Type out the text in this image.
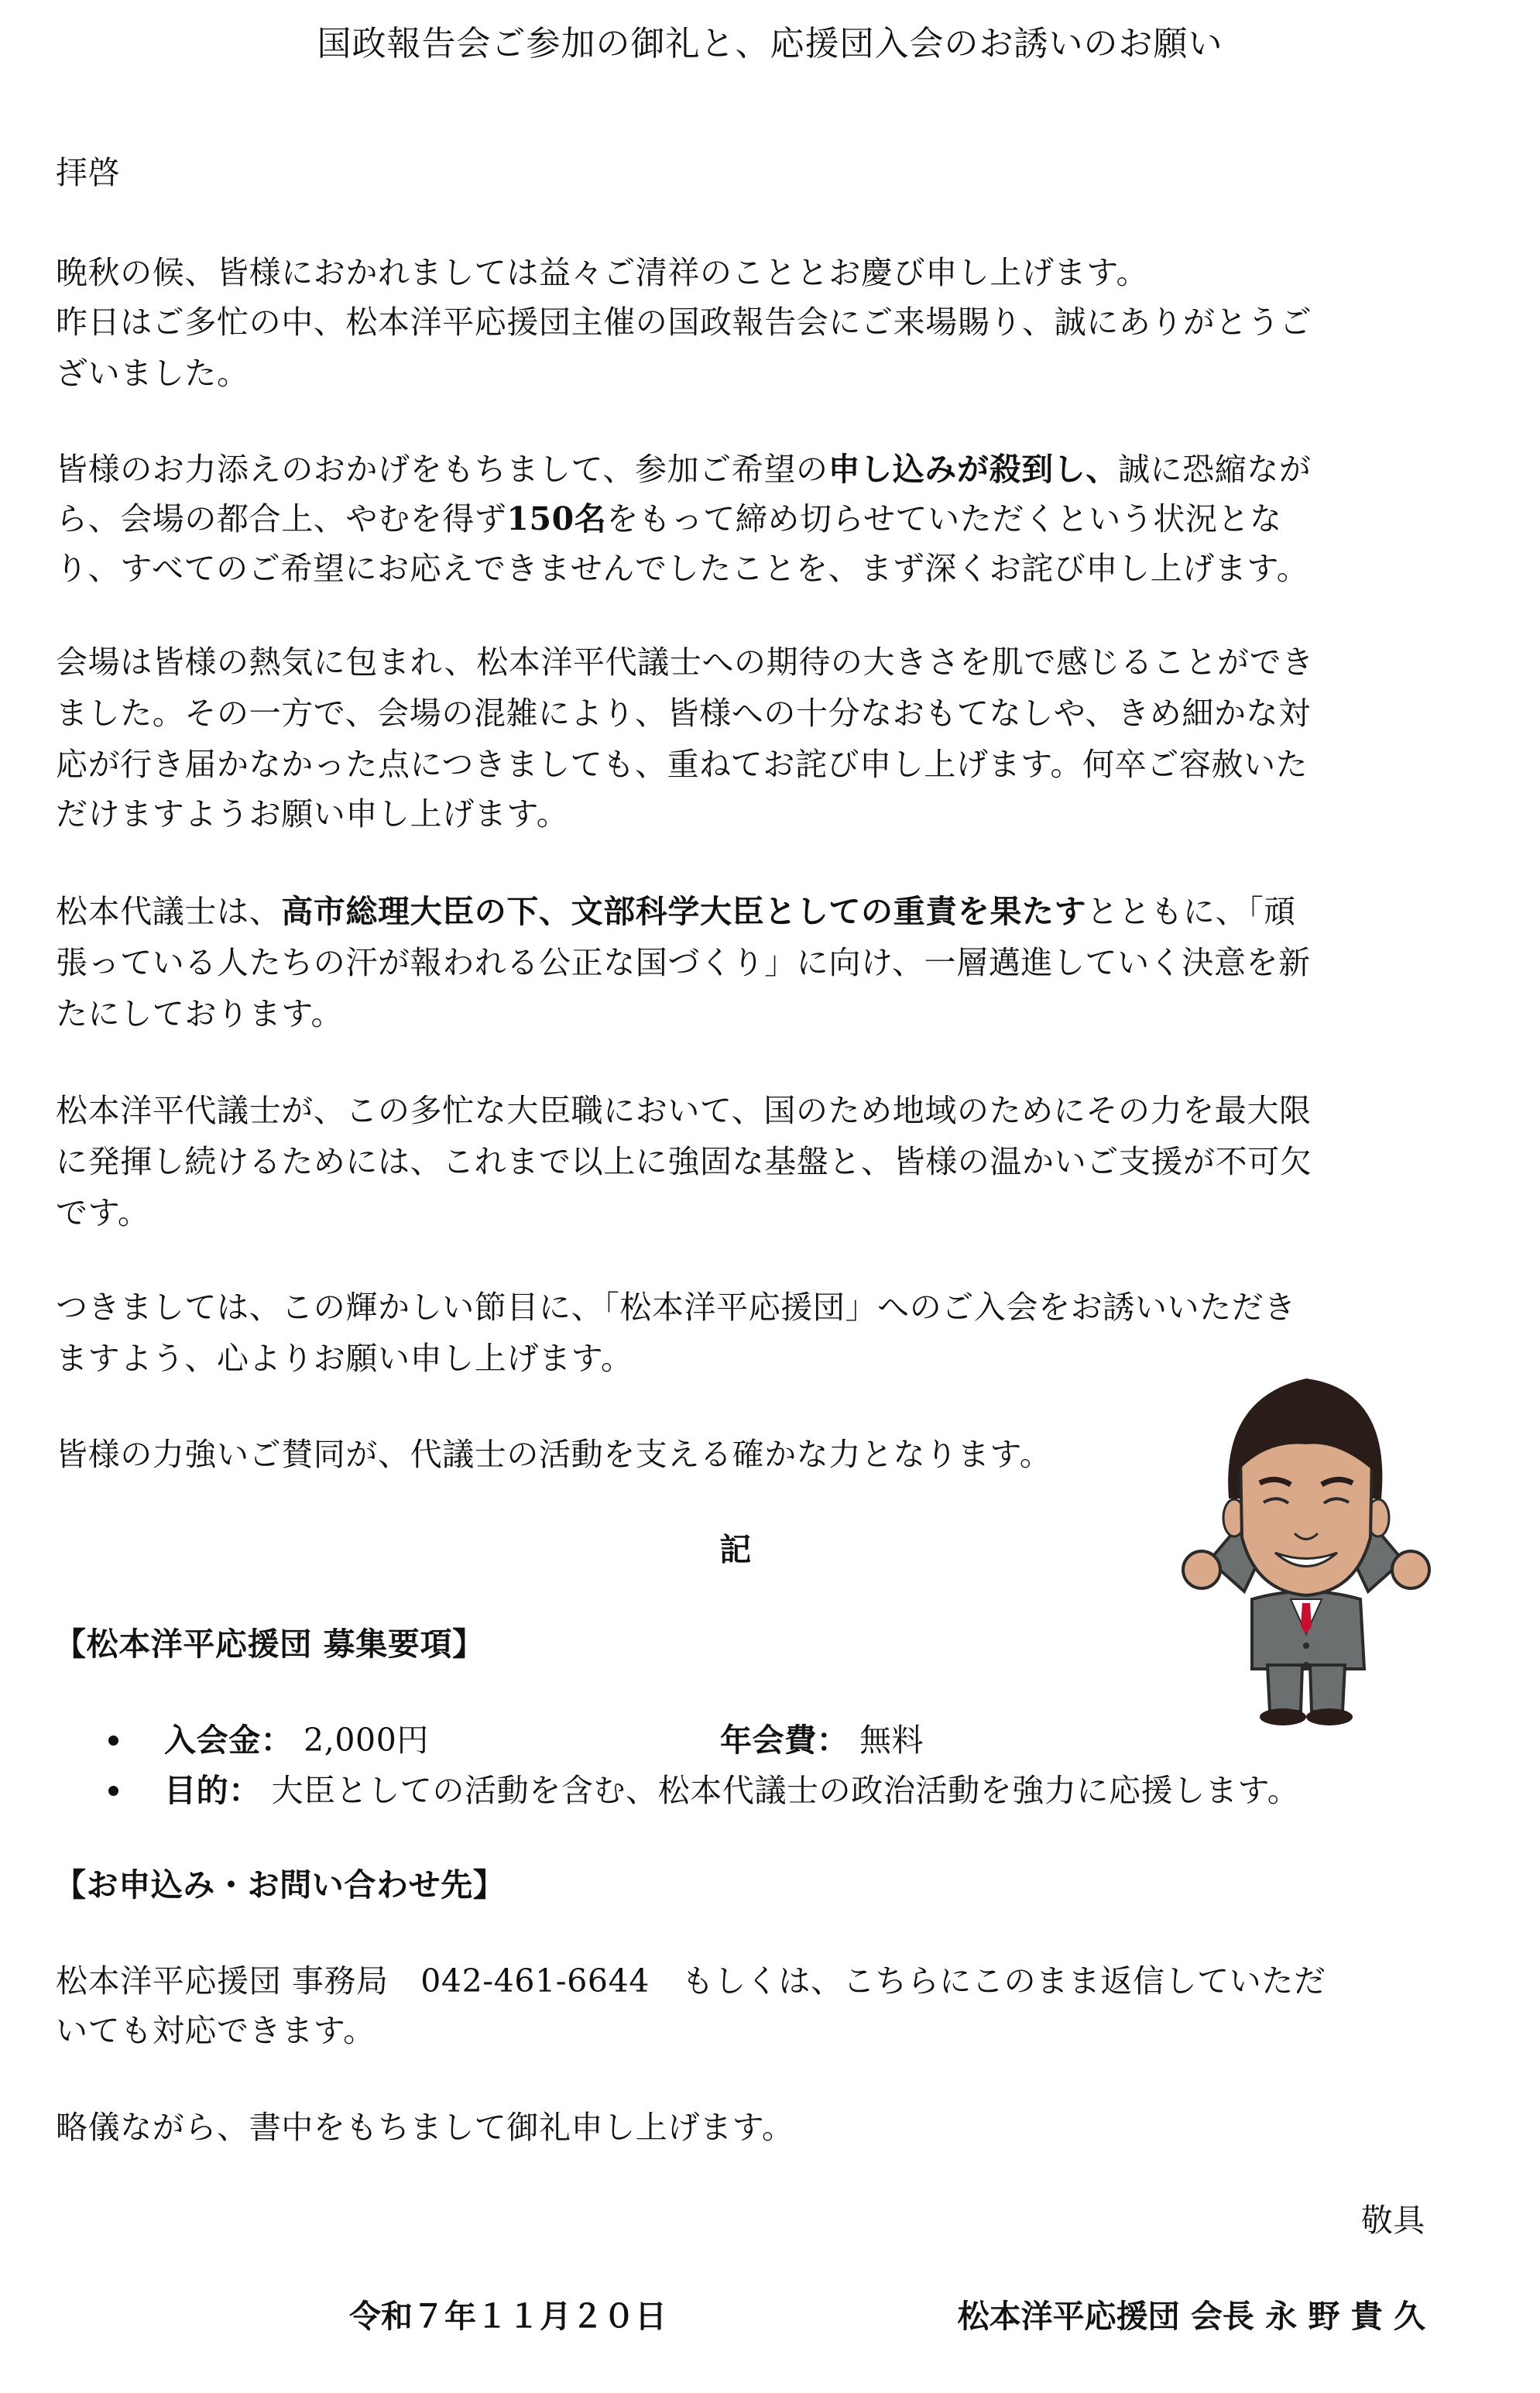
国政報告会ご参加の御礼と、応援団入会のお誘いのお願い
拝啓
晩秋の候、皆様におかれましては益々ご清祥のこととお慶び申し上げます。
昨日はご多忙の中、松本洋平応援団主催の国政報告会にご来場賜り、誠にありがとうご
ざいました。
皆様のお力添えのおかげをもちまして、参加ご希望の申し込みが殺到し、誠に恐縮なが
ら、会場の都合上、やむを得ず150名をもって締め切らせていただくという状況とな
り、すべてのご希望にお応えできませんでしたことを、まず深くお詫び申し上げます。
会場は皆様の熱気に包まれ、松本洋平代議士への期待の大きさを肌で感じることができ
ました。その一方で、会場の混雑により、皆様への十分なおもてなしや、きめ細かな対
応が行き届かなかった点につきましても、重ねてお詫び申し上げます。何卒ご容赦いた
だけますようお願い申し上げます。
松本代議士は、高市総理大臣の下、文部科学大臣としての重責を果たすとともに、「頑
張っている人たちの汗が報われる公正な国づくり」に向け、一層邁進していく決意を新
たにしております。
松本洋平代議士が、この多忙な大臣職において、国のため地域のためにその力を最大限
に発揮し続けるためには、これまで以上に強固な基盤と、皆様の温かいご支援が不可欠
です。
つきましては、この輝かしい節目に、「松本洋平応援団」へのご入会をお誘いいただき
ますよう、心よりお願い申し上げます。
皆様の力強いご賛同が、代議士の活動を支える確かな力となります。
記
【松本洋平応援団 募集要項】
入会金： 2,000円	年会費： 無料
目的： 大臣としての活動を含む、松本代議士の政治活動を強力に応援します。
【お申込み・お問い合わせ先】
松本洋平応援団 事務局　042-461-6644　もしくは、こちらにこのまま返信していただ
いても対応できます。
略儀ながら、書中をもちまして御礼申し上げます。
敬具
令和７年１１月２０日	松本洋平応援団 会長 永 野 貴 久
